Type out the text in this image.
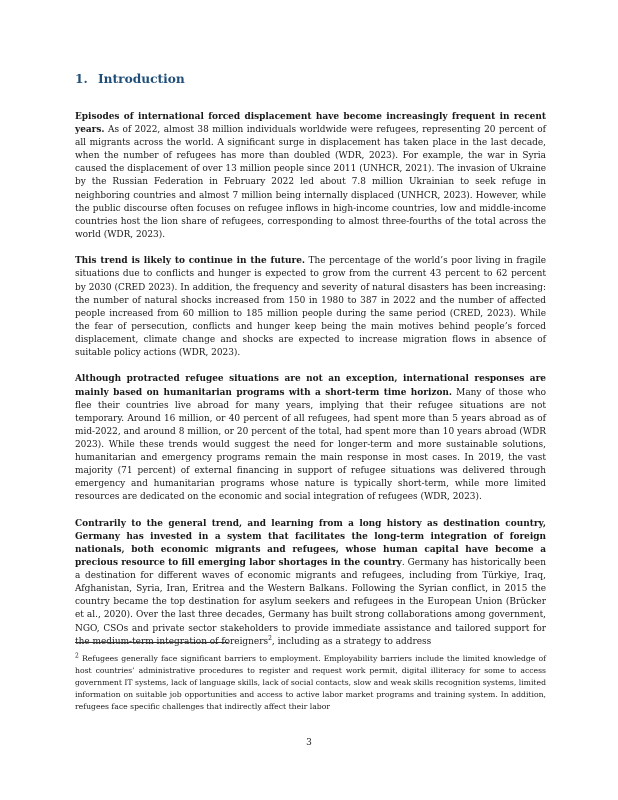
1. Introduction

Episodes of international forced displacement have become increasingly frequent in recent years. As of 2022, almost 38 million individuals worldwide were refugees, representing 20 percent of all migrants across the world. A significant surge in displacement has taken place in the last decade, when the number of refugees has more than doubled (WDR, 2023). For example, the war in Syria caused the displacement of over 13 million people since 2011 (UNHCR, 2021). The invasion of Ukraine by the Russian Federation in February 2022 led about 7.8 million Ukrainian to seek refuge in neighboring countries and almost 7 million being internally displaced (UNHCR, 2023). However, while the public discourse often focuses on refugee inflows in high-income countries, low and middle-income countries host the lion share of refugees, corresponding to almost three-fourths of the total across the world (WDR, 2023).

This trend is likely to continue in the future. The percentage of the world’s poor living in fragile situations due to conflicts and hunger is expected to grow from the current 43 percent to 62 percent by 2030 (CRED 2023). In addition, the frequency and severity of natural disasters has been increasing: the number of natural shocks increased from 150 in 1980 to 387 in 2022 and the number of affected people increased from 60 million to 185 million people during the same period (CRED, 2023). While the fear of persecution, conflicts and hunger keep being the main motives behind people’s forced displacement, climate change and shocks are expected to increase migration flows in absence of suitable policy actions (WDR, 2023).

Although protracted refugee situations are not an exception, international responses are mainly based on humanitarian programs with a short-term time horizon. Many of those who flee their countries live abroad for many years, implying that their refugee situations are not temporary. Around 16 million, or 40 percent of all refugees, had spent more than 5 years abroad as of mid-2022, and around 8 million, or 20 percent of the total, had spent more than 10 years abroad (WDR 2023). While these trends would suggest the need for longer-term and more sustainable solutions, humanitarian and emergency programs remain the main response in most cases. In 2019, the vast majority (71 percent) of external financing in support of refugee situations was delivered through emergency and humanitarian programs whose nature is typically short-term, while more limited resources are dedicated on the economic and social integration of refugees (WDR, 2023).

Contrarily to the general trend, and learning from a long history as destination country, Germany has invested in a system that facilitates the long-term integration of foreign nationals, both economic migrants and refugees, whose human capital have become a precious resource to fill emerging labor shortages in the country. Germany has historically been a destination for different waves of economic migrants and refugees, including from Türkiye, Iraq, Afghanistan, Syria, Iran, Eritrea and the Western Balkans. Following the Syrian conflict, in 2015 the country became the top destination for asylum seekers and refugees in the European Union (Brücker et al., 2020). Over the last three decades, Germany has built strong collaborations among government, NGO, CSOs and private sector stakeholders to provide immediate assistance and tailored support for the medium-term integration of foreigners$^2$, including as a strategy to address

$^2$ Refugees generally face significant barriers to employment. Employability barriers include the limited knowledge of host countries’ administrative procedures to register and request work permit, digital illiteracy for some to access government IT systems, lack of language skills, lack of social contacts, slow and weak skills recognition systems, limited information on suitable job opportunities and access to active labor market programs and training system. In addition, refugees face specific challenges that indirectly affect their labor
3
